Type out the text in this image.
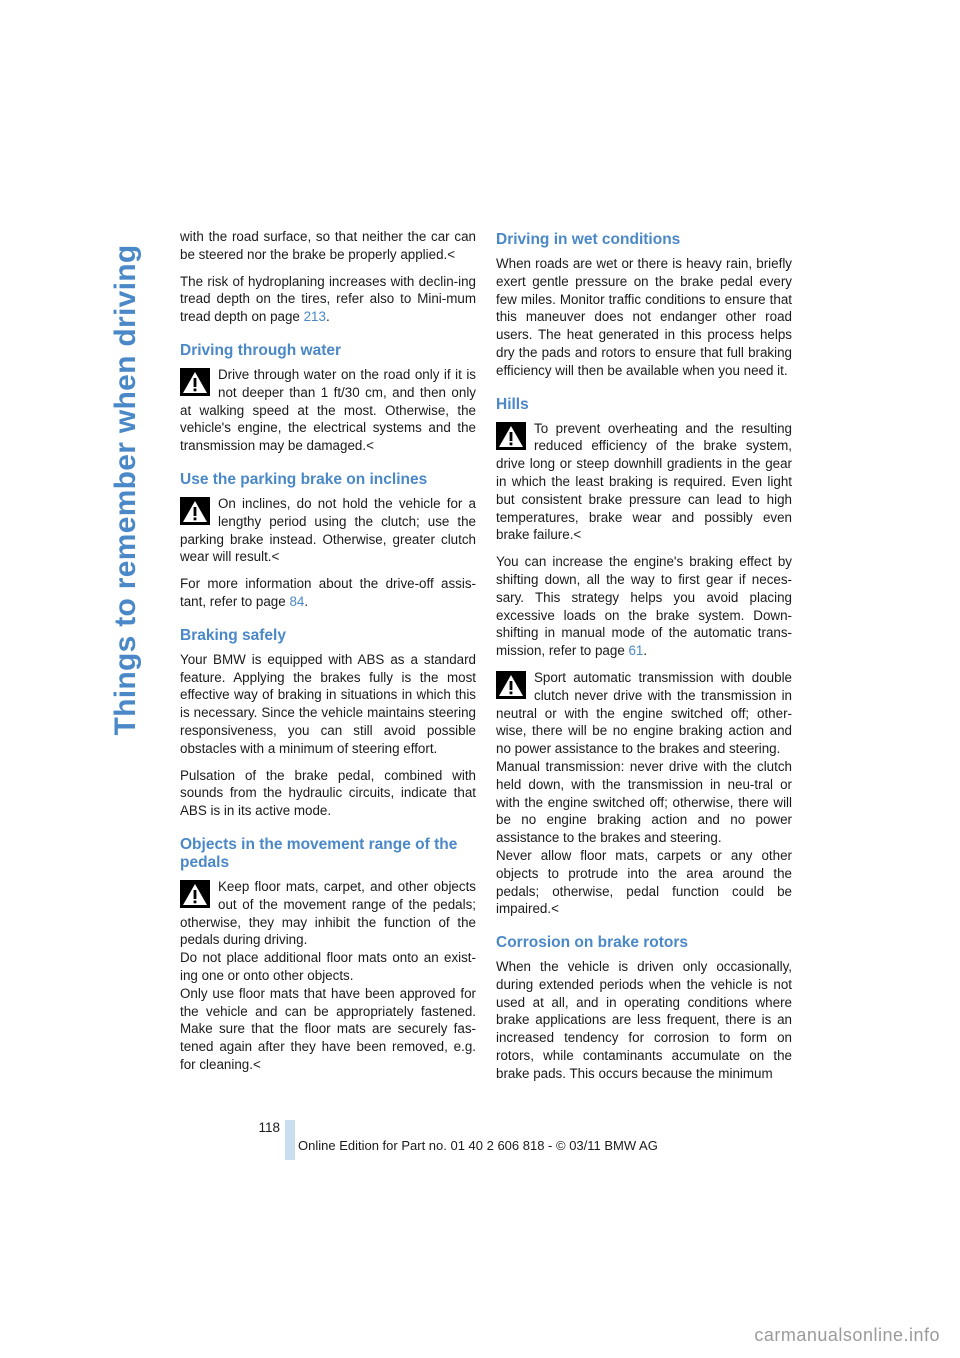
Things to remember when driving

with the road surface, so that neither the car can be steered nor the brake be properly applied.<

The risk of hydroplaning increases with declin-ing tread depth on the tires, refer also to Mini-mum tread depth on page 213.

Driving through water
Drive through water on the road only if it is not deeper than 1 ft/30 cm, and then only at walking speed at the most. Otherwise, the vehicle's engine, the electrical systems and the transmission may be damaged.<
Use the parking brake on inclines
On inclines, do not hold the vehicle for a lengthy period using the clutch; use the parking brake instead. Otherwise, greater clutch wear will result.<

For more information about the drive-off assis-tant, refer to page 84.

Braking safely

Your BMW is equipped with ABS as a standard feature. Applying the brakes fully is the most effective way of braking in situations in which this is necessary. Since the vehicle maintains steering responsiveness, you can still avoid possible obstacles with a minimum of steering effort.

Pulsation of the brake pedal, combined with sounds from the hydraulic circuits, indicate that ABS is in its active mode.

Objects in the movement range of the pedals
Keep floor mats, carpet, and other objects out of the movement range of the pedals; otherwise, they may inhibit the function of the pedals during driving.
Do not place additional floor mats onto an exist-ing one or onto other objects.
Only use floor mats that have been approved for the vehicle and can be appropriately fastened. Make sure that the floor mats are securely fas-tened again after they have been removed, e.g. for cleaning.<
Driving in wet conditions

When roads are wet or there is heavy rain, briefly exert gentle pressure on the brake pedal every few miles. Monitor traffic conditions to ensure that this maneuver does not endanger other road users. The heat generated in this process helps dry the pads and rotors to ensure that full braking efficiency will then be available when you need it.

Hills
To prevent overheating and the resulting reduced efficiency of the brake system, drive long or steep downhill gradients in the gear in which the least braking is required. Even light but consistent brake pressure can lead to high temperatures, brake wear and possibly even brake failure.<

You can increase the engine's braking effect by shifting down, all the way to first gear if neces-sary. This strategy helps you avoid placing excessive loads on the brake system. Down-shifting in manual mode of the automatic trans-mission, refer to page 61.

Sport automatic transmission with double clutch never drive with the transmission in neutral or with the engine switched off; other-wise, there will be no engine braking action and no power assistance to the brakes and steering.
Manual transmission: never drive with the clutch held down, with the transmission in neu-tral or with the engine switched off; otherwise, there will be no engine braking action and no power assistance to the brakes and steering.
Never allow floor mats, carpets or any other objects to protrude into the area around the pedals; otherwise, pedal function could be impaired.<
Corrosion on brake rotors

When the vehicle is driven only occasionally, during extended periods when the vehicle is not used at all, and in operating conditions where brake applications are less frequent, there is an increased tendency for corrosion to form on rotors, while contaminants accumulate on the brake pads. This occurs because the minimum

118
Online Edition for Part no. 01 40 2 606 818 - © 03/11 BMW AG
carmanualsonline.info
